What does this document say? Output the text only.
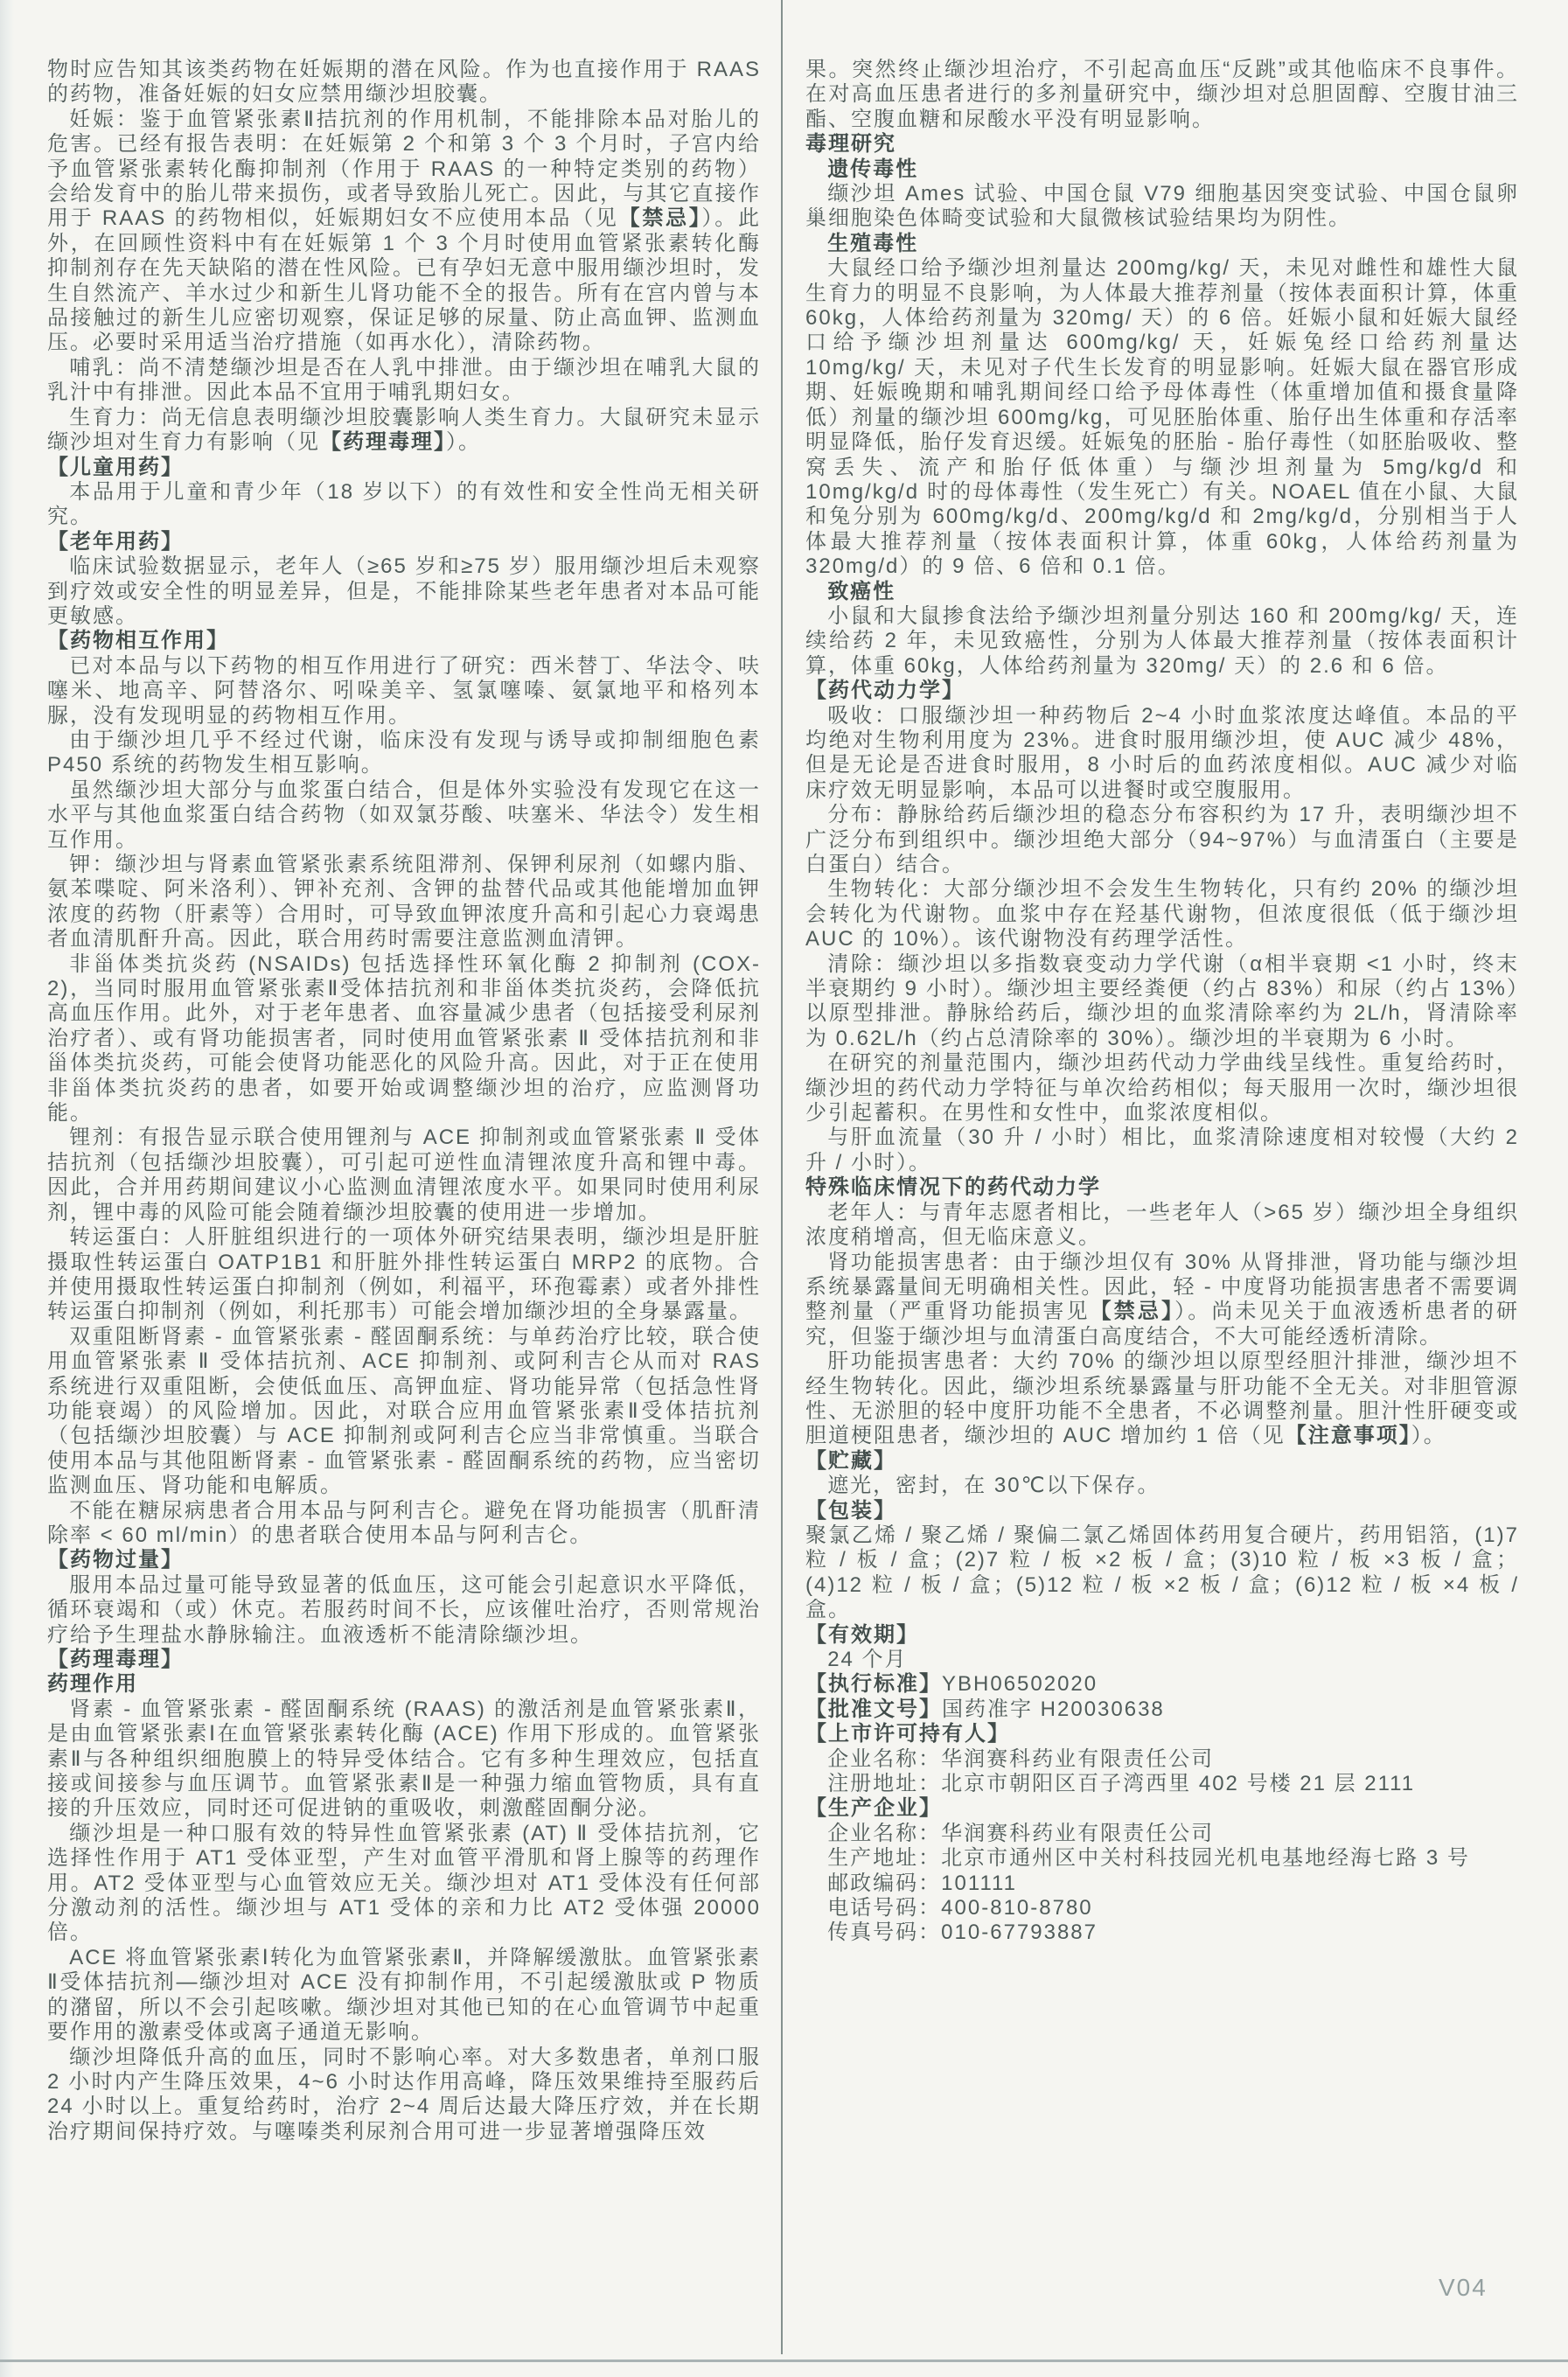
物时应告知其该类药物在妊娠期的潜在风险。作为也直接作用于 RAAS 的药物，准备妊娠的妇女应禁用缬沙坦胶囊。

妊娠：鉴于血管紧张素Ⅱ拮抗剂的作用机制，不能排除本品对胎儿的危害。已经有报告表明：在妊娠第 2 个和第 3 个 3 个月时，子宫内给予血管紧张素转化酶抑制剂（作用于 RAAS 的一种特定类别的药物）会给发育中的胎儿带来损伤，或者导致胎儿死亡。因此，与其它直接作用于 RAAS 的药物相似，妊娠期妇女不应使用本品（见【禁忌】）。此外，在回顾性资料中有在妊娠第 1 个 3 个月时使用血管紧张素转化酶抑制剂存在先天缺陷的潜在性风险。已有孕妇无意中服用缬沙坦时，发生自然流产、羊水过少和新生儿肾功能不全的报告。所有在宫内曾与本品接触过的新生儿应密切观察，保证足够的尿量、防止高血钾、监测血压。必要时采用适当治疗措施（如再水化），清除药物。

哺乳：尚不清楚缬沙坦是否在人乳中排泄。由于缬沙坦在哺乳大鼠的乳汁中有排泄。因此本品不宜用于哺乳期妇女。

生育力：尚无信息表明缬沙坦胶囊影响人类生育力。大鼠研究未显示缬沙坦对生育力有影响（见【药理毒理】）。

【儿童用药】

本品用于儿童和青少年（18 岁以下）的有效性和安全性尚无相关研究。

【老年用药】

临床试验数据显示，老年人（≥65 岁和≥75 岁）服用缬沙坦后未观察到疗效或安全性的明显差异，但是，不能排除某些老年患者对本品可能更敏感。

【药物相互作用】

已对本品与以下药物的相互作用进行了研究：西米替丁、华法令、呋噻米、地高辛、阿替洛尔、吲哚美辛、氢氯噻嗪、氨氯地平和格列本脲，没有发现明显的药物相互作用。

由于缬沙坦几乎不经过代谢，临床没有发现与诱导或抑制细胞色素 P450 系统的药物发生相互影响。

虽然缬沙坦大部分与血浆蛋白结合，但是体外实验没有发现它在这一水平与其他血浆蛋白结合药物（如双氯芬酸、呋塞米、华法令）发生相互作用。

钾：缬沙坦与肾素血管紧张素系统阻滞剂、保钾利尿剂（如螺内脂、氨苯喋啶、阿米洛利）、钾补充剂、含钾的盐替代品或其他能增加血钾浓度的药物（肝素等）合用时，可导致血钾浓度升高和引起心力衰竭患者血清肌酐升高。因此，联合用药时需要注意监测血清钾。

非甾体类抗炎药 (NSAIDs) 包括选择性环氧化酶 2 抑制剂 (COX-2)，当同时服用血管紧张素Ⅱ受体拮抗剂和非甾体类抗炎药，会降低抗高血压作用。此外，对于老年患者、血容量减少患者（包括接受利尿剂治疗者）、或有肾功能损害者，同时使用血管紧张素 Ⅱ 受体拮抗剂和非甾体类抗炎药，可能会使肾功能恶化的风险升高。因此，对于正在使用非甾体类抗炎药的患者，如要开始或调整缬沙坦的治疗，应监测肾功能。

锂剂：有报告显示联合使用锂剂与 ACE 抑制剂或血管紧张素 Ⅱ 受体拮抗剂（包括缬沙坦胶囊），可引起可逆性血清锂浓度升高和锂中毒。因此，合并用药期间建议小心监测血清锂浓度水平。如果同时使用利尿剂，锂中毒的风险可能会随着缬沙坦胶囊的使用进一步增加。

转运蛋白：人肝脏组织进行的一项体外研究结果表明，缬沙坦是肝脏摄取性转运蛋白 OATP1B1 和肝脏外排性转运蛋白 MRP2 的底物。合并使用摄取性转运蛋白抑制剂（例如，利福平，环孢霉素）或者外排性转运蛋白抑制剂（例如，利托那韦）可能会增加缬沙坦的全身暴露量。

双重阻断肾素 - 血管紧张素 - 醛固酮系统：与单药治疗比较，联合使用血管紧张素 Ⅱ 受体拮抗剂、ACE 抑制剂、或阿利吉仑从而对 RAS 系统进行双重阻断，会使低血压、高钾血症、肾功能异常（包括急性肾功能衰竭）的风险增加。因此，对联合应用血管紧张素Ⅱ受体拮抗剂（包括缬沙坦胶囊）与 ACE 抑制剂或阿利吉仑应当非常慎重。当联合使用本品与其他阻断肾素 - 血管紧张素 - 醛固酮系统的药物，应当密切监测血压、肾功能和电解质。

不能在糖尿病患者合用本品与阿利吉仑。避免在肾功能损害（肌酐清除率 < 60 ml/min）的患者联合使用本品与阿利吉仑。

【药物过量】

服用本品过量可能导致显著的低血压，这可能会引起意识水平降低，循环衰竭和（或）休克。若服药时间不长，应该催吐治疗，否则常规治疗给予生理盐水静脉输注。血液透析不能清除缬沙坦。

【药理毒理】

药理作用

肾素 - 血管紧张素 - 醛固酮系统 (RAAS) 的激活剂是血管紧张素Ⅱ，是由血管紧张素Ⅰ在血管紧张素转化酶 (ACE) 作用下形成的。血管紧张素Ⅱ与各种组织细胞膜上的特异受体结合。它有多种生理效应，包括直接或间接参与血压调节。血管紧张素Ⅱ是一种强力缩血管物质，具有直接的升压效应，同时还可促进钠的重吸收，刺激醛固酮分泌。

缬沙坦是一种口服有效的特异性血管紧张素 (AT) Ⅱ 受体拮抗剂，它选择性作用于 AT1 受体亚型，产生对血管平滑肌和肾上腺等的药理作用。AT2 受体亚型与心血管效应无关。缬沙坦对 AT1 受体没有任何部分激动剂的活性。缬沙坦与 AT1 受体的亲和力比 AT2 受体强 20000 倍。

ACE 将血管紧张素Ⅰ转化为血管紧张素Ⅱ，并降解缓激肽。血管紧张素Ⅱ受体拮抗剂—缬沙坦对 ACE 没有抑制作用，不引起缓激肽或 P 物质的潴留，所以不会引起咳嗽。缬沙坦对其他已知的在心血管调节中起重要作用的激素受体或离子通道无影响。

缬沙坦降低升高的血压，同时不影响心率。对大多数患者，单剂口服 2 小时内产生降压效果，4~6 小时达作用高峰，降压效果维持至服药后 24 小时以上。重复给药时，治疗 2~4 周后达最大降压疗效，并在长期治疗期间保持疗效。与噻嗪类利尿剂合用可进一步显著增强降压效

果。突然终止缬沙坦治疗，不引起高血压“反跳”或其他临床不良事件。在对高血压患者进行的多剂量研究中，缬沙坦对总胆固醇、空腹甘油三酯、空腹血糖和尿酸水平没有明显影响。

毒理研究

遗传毒性

缬沙坦 Ames 试验、中国仓鼠 V79 细胞基因突变试验、中国仓鼠卵巢细胞染色体畸变试验和大鼠微核试验结果均为阴性。

生殖毒性

大鼠经口给予缬沙坦剂量达 200mg/kg/ 天，未见对雌性和雄性大鼠生育力的明显不良影响，为人体最大推荐剂量（按体表面积计算，体重 60kg，人体给药剂量为 320mg/ 天）的 6 倍。妊娠小鼠和妊娠大鼠经口给予缬沙坦剂量达 600mg/kg/ 天，妊娠兔经口给药剂量达 10mg/kg/ 天，未见对子代生长发育的明显影响。妊娠大鼠在器官形成期、妊娠晚期和哺乳期间经口给予母体毒性（体重增加值和摄食量降低）剂量的缬沙坦 600mg/kg，可见胚胎体重、胎仔出生体重和存活率明显降低，胎仔发育迟缓。妊娠兔的胚胎 - 胎仔毒性（如胚胎吸收、整窝丢失、流产和胎仔低体重）与缬沙坦剂量为 5mg/kg/d 和 10mg/kg/d 时的母体毒性（发生死亡）有关。NOAEL 值在小鼠、大鼠和兔分别为 600mg/kg/d、200mg/kg/d 和 2mg/kg/d，分别相当于人体最大推荐剂量（按体表面积计算，体重 60kg，人体给药剂量为 320mg/d）的 9 倍、6 倍和 0.1 倍。

致癌性

小鼠和大鼠掺食法给予缬沙坦剂量分别达 160 和 200mg/kg/ 天，连续给药 2 年，未见致癌性，分别为人体最大推荐剂量（按体表面积计算，体重 60kg，人体给药剂量为 320mg/ 天）的 2.6 和 6 倍。

【药代动力学】

吸收：口服缬沙坦一种药物后 2~4 小时血浆浓度达峰值。本品的平均绝对生物利用度为 23%。进食时服用缬沙坦，使 AUC 减少 48%，但是无论是否进食时服用，8 小时后的血药浓度相似。AUC 减少对临床疗效无明显影响，本品可以进餐时或空腹服用。

分布：静脉给药后缬沙坦的稳态分布容积约为 17 升，表明缬沙坦不广泛分布到组织中。缬沙坦绝大部分（94~97%）与血清蛋白（主要是白蛋白）结合。

生物转化：大部分缬沙坦不会发生生物转化，只有约 20% 的缬沙坦会转化为代谢物。血浆中存在羟基代谢物，但浓度很低（低于缬沙坦 AUC 的 10%）。该代谢物没有药理学活性。

清除：缬沙坦以多指数衰变动力学代谢（α相半衰期 <1 小时，终末半衰期约 9 小时）。缬沙坦主要经粪便（约占 83%）和尿（约占 13%）以原型排泄。静脉给药后，缬沙坦的血浆清除率约为 2L/h，肾清除率为 0.62L/h（约占总清除率的 30%）。缬沙坦的半衰期为 6 小时。

在研究的剂量范围内，缬沙坦药代动力学曲线呈线性。重复给药时，缬沙坦的药代动力学特征与单次给药相似；每天服用一次时，缬沙坦很少引起蓄积。在男性和女性中，血浆浓度相似。

与肝血流量（30 升 / 小时）相比，血浆清除速度相对较慢（大约 2 升 / 小时）。

特殊临床情况下的药代动力学

老年人：与青年志愿者相比，一些老年人（>65 岁）缬沙坦全身组织浓度稍增高，但无临床意义。

肾功能损害患者：由于缬沙坦仅有 30% 从肾排泄，肾功能与缬沙坦系统暴露量间无明确相关性。因此，轻 - 中度肾功能损害患者不需要调整剂量（严重肾功能损害见【禁忌】）。尚未见关于血液透析患者的研究，但鉴于缬沙坦与血清蛋白高度结合，不大可能经透析清除。

肝功能损害患者：大约 70% 的缬沙坦以原型经胆汁排泄，缬沙坦不经生物转化。因此，缬沙坦系统暴露量与肝功能不全无关。对非胆管源性、无淤胆的轻中度肝功能不全患者，不必调整剂量。胆汁性肝硬变或胆道梗阻患者，缬沙坦的 AUC 增加约 1 倍（见【注意事项】）。

【贮藏】

遮光，密封，在 30℃以下保存。

【包装】

聚氯乙烯 / 聚乙烯 / 聚偏二氯乙烯固体药用复合硬片，药用铝箔，(1)7 粒 / 板 / 盒；(2)7 粒 / 板 ×2 板 / 盒；(3)10 粒 / 板 ×3 板 / 盒；(4)12 粒 / 板 / 盒；(5)12 粒 / 板 ×2 板 / 盒；(6)12 粒 / 板 ×4 板 / 盒。

【有效期】

24 个月

【执行标准】YBH06502020

【批准文号】国药准字 H20030638

【上市许可持有人】

企业名称：华润赛科药业有限责任公司

注册地址：北京市朝阳区百子湾西里 402 号楼 21 层 2111

【生产企业】

企业名称：华润赛科药业有限责任公司

生产地址：北京市通州区中关村科技园光机电基地经海七路 3 号

邮政编码：101111

电话号码：400-810-8780

传真号码：010-67793887

V04
